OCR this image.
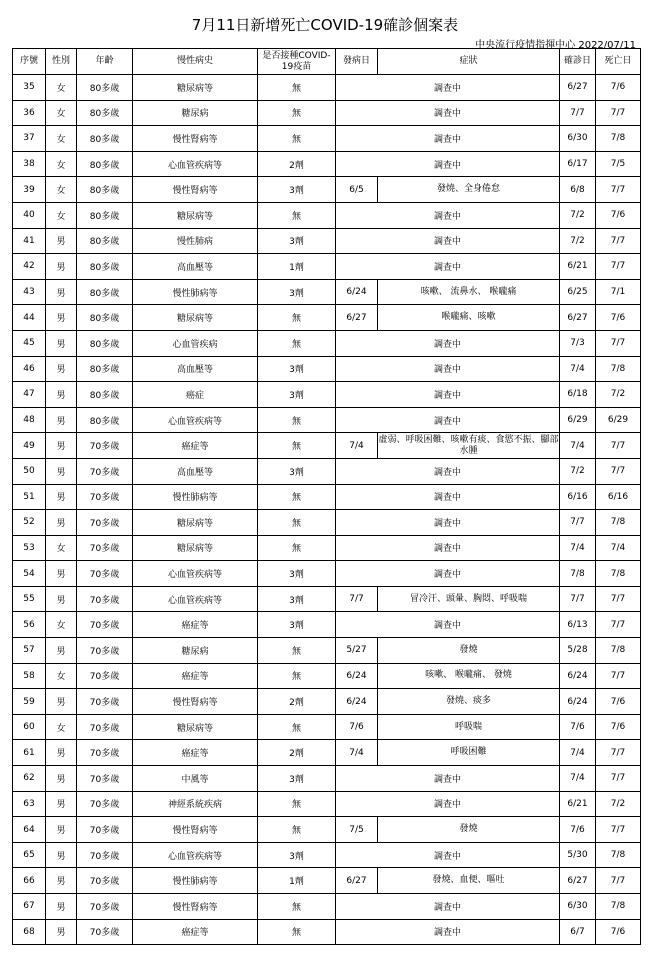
7月11日新增死亡COVID-19確診個案表
中央流行疫情指揮中心 2022/07/11
序號	性別	年齡	慢性病史	是否接種COVID-19疫苗	發病日	症狀	確診日	死亡日
35	女	80多歲	糖尿病等	無	調查中		6/27	7/6
36	女	80多歲	糖尿病	無	調查中		7/7	7/7
37	女	80多歲	慢性腎病等	無	調查中		6/30	7/8
38	女	80多歲	心血管疾病等	2劑	調查中		6/17	7/5
39	女	80多歲	慢性腎病等	3劑	6/5	發燒、全身倦怠	6/8	7/7
40	女	80多歲	糖尿病等	無	調查中		7/2	7/6
41	男	80多歲	慢性肺病	3劑	調查中		7/2	7/7
42	男	80多歲	高血壓等	1劑	調查中		6/21	7/7
43	男	80多歲	慢性肺病等	3劑	6/24	咳嗽、 流鼻水、 喉嚨痛	6/25	7/1
44	男	80多歲	糖尿病等	無	6/27	喉嚨痛、咳嗽	6/27	7/6
45	男	80多歲	心血管疾病	無	調查中		7/3	7/7
46	男	80多歲	高血壓等	3劑	調查中		7/4	7/8
47	男	80多歲	癌症	3劑	調查中		6/18	7/2
48	男	80多歲	心血管疾病等	無	調查中		6/29	6/29
49	男	70多歲	癌症等	無	7/4	虛弱、呼吸困難、咳嗽有痰、食慾不振、腳部水腫	7/4	7/7
50	男	70多歲	高血壓等	3劑	調查中		7/2	7/7
51	男	70多歲	慢性肺病等	無	調查中		6/16	6/16
52	男	70多歲	糖尿病等	無	調查中		7/7	7/8
53	女	70多歲	糖尿病等	無	調查中		7/4	7/4
54	男	70多歲	心血管疾病等	3劑	調查中		7/8	7/8
55	男	70多歲	心血管疾病等	3劑	7/7	冒冷汗、頭暈、胸悶、呼吸喘	7/7	7/7
56	女	70多歲	癌症等	3劑	調查中		6/13	7/7
57	男	70多歲	糖尿病	無	5/27	發燒	5/28	7/8
58	女	70多歲	癌症等	無	6/24	咳嗽、 喉嚨痛、 發燒	6/24	7/7
59	男	70多歲	慢性腎病等	2劑	6/24	發燒、痰多	6/24	7/6
60	女	70多歲	糖尿病等	無	7/6	呼吸喘	7/6	7/6
61	男	70多歲	癌症等	2劑	7/4	呼吸困難	7/4	7/7
62	男	70多歲	中風等	3劑	調查中		7/4	7/7
63	男	70多歲	神經系統疾病	無	調查中		6/21	7/2
64	男	70多歲	慢性腎病等	無	7/5	發燒	7/6	7/7
65	男	70多歲	心血管疾病等	3劑	調查中		5/30	7/8
66	男	70多歲	慢性肺病等	1劑	6/27	發燒、血便、嘔吐	6/27	7/7
67	男	70多歲	慢性腎病等	無	調查中		6/30	7/8
68	男	70多歲	癌症等	無	調查中		6/7	7/6
